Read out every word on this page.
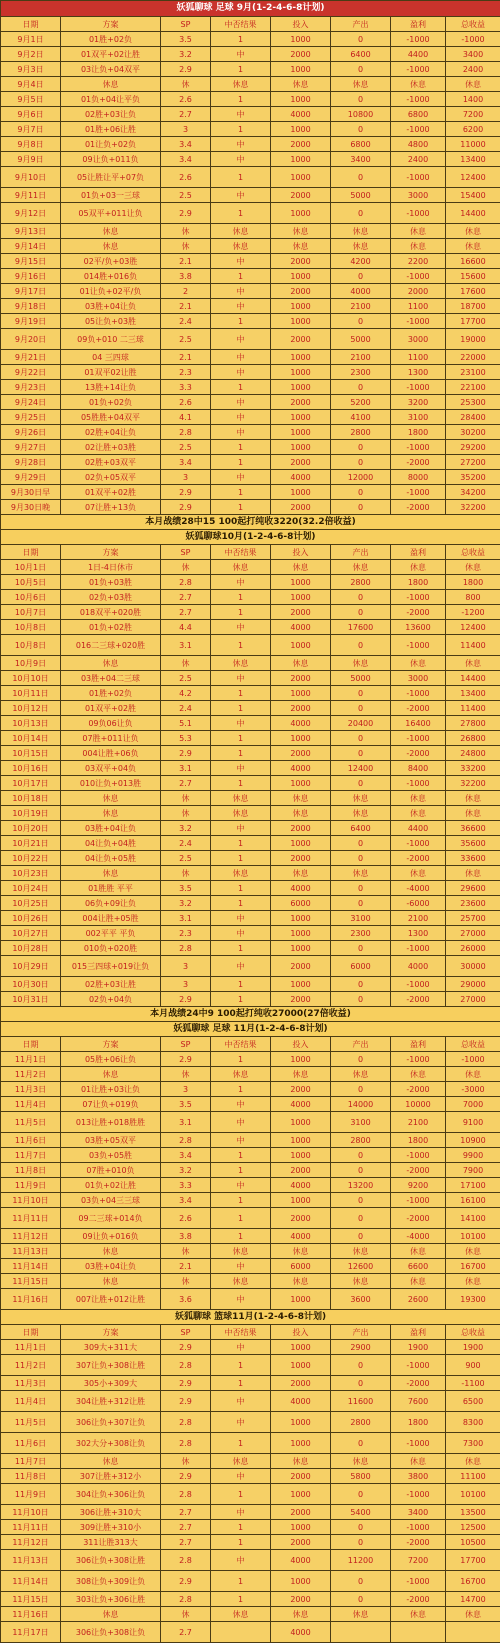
妖狐聊球 足球 9月(1-2-4-6-8计划)							
日期	方案	SP	中否结果	投入	产出	盈利	总收益
9月1日	01胜+02负	3.5	1	1000	0	-1000	-1000
9月2日	01双平+02让胜	3.2	中	2000	6400	4400	3400
9月3日	03让负+04双平	2.9	1	1000	0	-1000	2400
9月4日	休息	休	休息	休息	休息	休息	休息
9月5日	01负+04让平负	2.6	1	1000	0	-1000	1400
9月6日	02胜+03让负	2.7	中	4000	10800	6800	7200
9月7日	01胜+06让胜	3	1	1000	0	-1000	6200
9月8日	01让负+02负	3.4	中	2000	6800	4800	11000
9月9日	09让负+011负	3.4	中	1000	3400	2400	13400
9月10日	05让胜让平+07负	2.6	1	1000	0	-1000	12400
9月11日	01负+03一三球	2.5	中	2000	5000	3000	15400
9月12日	05双平+011让负	2.9	1	1000	0	-1000	14400
9月13日	休息	休	休息	休息	休息	休息	休息
9月14日	休息	休	休息	休息	休息	休息	休息
9月15日	02平/负+03胜	2.1	中	2000	4200	2200	16600
9月16日	014胜+016负	3.8	1	1000	0	-1000	15600
9月17日	01让负+02平/负	2	中	2000	4000	2000	17600
9月18日	03胜+04让负	2.1	中	1000	2100	1100	18700
9月19日	05让负+03胜	2.4	1	1000	0	-1000	17700
9月20日	09负+010 二三球	2.5	中	2000	5000	3000	19000
9月21日	04 三四球	2.1	中	1000	2100	1100	22000
9月22日	01双平02让胜	2.3	中	1000	2300	1300	23100
9月23日	13胜+14让负	3.3	1	1000	0	-1000	22100
9月24日	01负+02负	2.6	中	2000	5200	3200	25300
9月25日	05胜胜+04双平	4.1	中	1000	4100	3100	28400
9月26日	02胜+04让负	2.8	中	1000	2800	1800	30200
9月27日	02让胜+03胜	2.5	1	1000	0	-1000	29200
9月28日	02胜+03双平	3.4	1	2000	0	-2000	27200
9月29日	02负+05双平	3	中	4000	12000	8000	35200
9月30日早	01双平+02胜	2.9	1	1000	0	-1000	34200
9月30日晚	07让胜+13负	2.9	1	2000	0	-2000	32200
本月战绩28中15 100起打纯收3220(32.2倍收益)							
妖狐聊球10月(1-2-4-6-8计划)							
日期	方案	SP	中否结果	投入	产出	盈利	总收益
10月1日	1日-4日休市	休	休息	休息	休息	休息	休息
10月5日	01负+03胜	2.8	中	1000	2800	1800	1800
10月6日	02负+03胜	2.7	1	1000	0	-1000	800
10月7日	018双平+020胜	2.7	1	2000	0	-2000	-1200
10月8日	01负+02胜	4.4	中	4000	17600	13600	12400
10月8日	016二三球+020胜	3.1	1	1000	0	-1000	11400
10月9日	休息	休	休息	休息	休息	休息	休息
10月10日	03胜+04二三球	2.5	中	2000	5000	3000	14400
10月11日	01胜+02负	4.2	1	1000	0	-1000	13400
10月12日	01双平+02胜	2.4	1	2000	0	-2000	11400
10月13日	09负06让负	5.1	中	4000	20400	16400	27800
10月14日	07胜+011让负	5.3	1	1000	0	-1000	26800
10月15日	004让胜+06负	2.9	1	2000	0	-2000	24800
10月16日	03双平+04负	3.1	中	4000	12400	8400	33200
10月17日	010让负+013胜	2.7	1	1000	0	-1000	32200
10月18日	休息	休	休息	休息	休息	休息	休息
10月19日	休息	休	休息	休息	休息	休息	休息
10月20日	03胜+04让负	3.2	中	2000	6400	4400	36600
10月21日	04让负+04胜	2.4	1	1000	0	-1000	35600
10月22日	04让负+05胜	2.5	1	2000	0	-2000	33600
10月23日	休息	休	休息	休息	休息	休息	休息
10月24日	01胜胜 平平	3.5	1	4000	0	-4000	29600
10月25日	06负+09让负	3.2	1	6000	0	-6000	23600
10月26日	004让胜+05胜	3.1	中	1000	3100	2100	25700
10月27日	002平平 平负	2.3	中	1000	2300	1300	27000
10月28日	010负+020胜	2.8	1	1000	0	-1000	26000
10月29日	015三四球+019让负	3	中	2000	6000	4000	30000
10月30日	02胜+03让胜	3	1	1000	0	-1000	29000
10月31日	02负+04负	2.9	1	2000	0	-2000	27000
本月战绩24中9 100起打纯收27000(27倍收益)							
妖狐聊球 足球 11月(1-2-4-6-8计划)							
日期	方案	SP	中否结果	投入	产出	盈利	总收益
11月1日	05胜+06让负	2.9	1	1000	0	-1000	-1000
11月2日	休息	休	休息	休息	休息	休息	休息
11月3日	01让胜+03让负	3	1	2000	0	-2000	-3000
11月4日	07让负+019负	3.5	中	4000	14000	10000	7000
11月5日	013让胜+018胜胜	3.1	中	1000	3100	2100	9100
11月6日	03胜+05双平	2.8	中	1000	2800	1800	10900
11月7日	03负+05胜	3.4	1	1000	0	-1000	9900
11月8日	07胜+010负	3.2	1	2000	0	-2000	7900
11月9日	01负+02让胜	3.3	中	4000	13200	9200	17100
11月10日	03负+04三三球	3.4	1	1000	0	-1000	16100
11月11日	09二三球+014负	2.6	1	2000	0	-2000	14100
11月12日	09让负+016负	3.8	1	4000	0	-4000	10100
11月13日	休息	休	休息	休息	休息	休息	休息
11月14日	03胜+04让负	2.1	中	6000	12600	6600	16700
11月15日	休息	休	休息	休息	休息	休息	休息
11月16日	007让胜+012让胜	3.6	中	1000	3600	2600	19300
妖狐聊球 篮球11月(1-2-4-6-8计划)							
日期	方案	SP	中否结果	投入	产出	盈利	总收益
11月1日	309大+311大	2.9	中	1000	2900	1900	1900
11月2日	307让负+308让胜	2.8	1	1000	0	-1000	900
11月3日	305小+309大	2.9	1	2000	0	-2000	-1100
11月4日	304让胜+312让胜	2.9	中	4000	11600	7600	6500
11月5日	306让负+307让负	2.8	中	1000	2800	1800	8300
11月6日	302大分+308让负	2.8	1	1000	0	-1000	7300
11月7日	休息	休	休息	休息	休息	休息	休息
11月8日	307让胜+312小	2.9	中	2000	5800	3800	11100
11月9日	304让负+306让负	2.8	1	1000	0	-1000	10100
11月10日	306让胜+310大	2.7	中	2000	5400	3400	13500
11月11日	309让胜+310小	2.7	1	1000	0	-1000	12500
11月12日	311让胜313大	2.7	1	2000	0	-2000	10500
11月13日	306让负+308让胜	2.8	中	4000	11200	7200	17700
11月14日	308让负+309让负	2.9	1	1000	0	-1000	16700
11月15日	303让负+306让胜	2.8	1	2000	0	-2000	14700
11月16日	休息	休	休息	休息	休息	休息	休息
11月17日	306让负+308让负	2.7		4000			
